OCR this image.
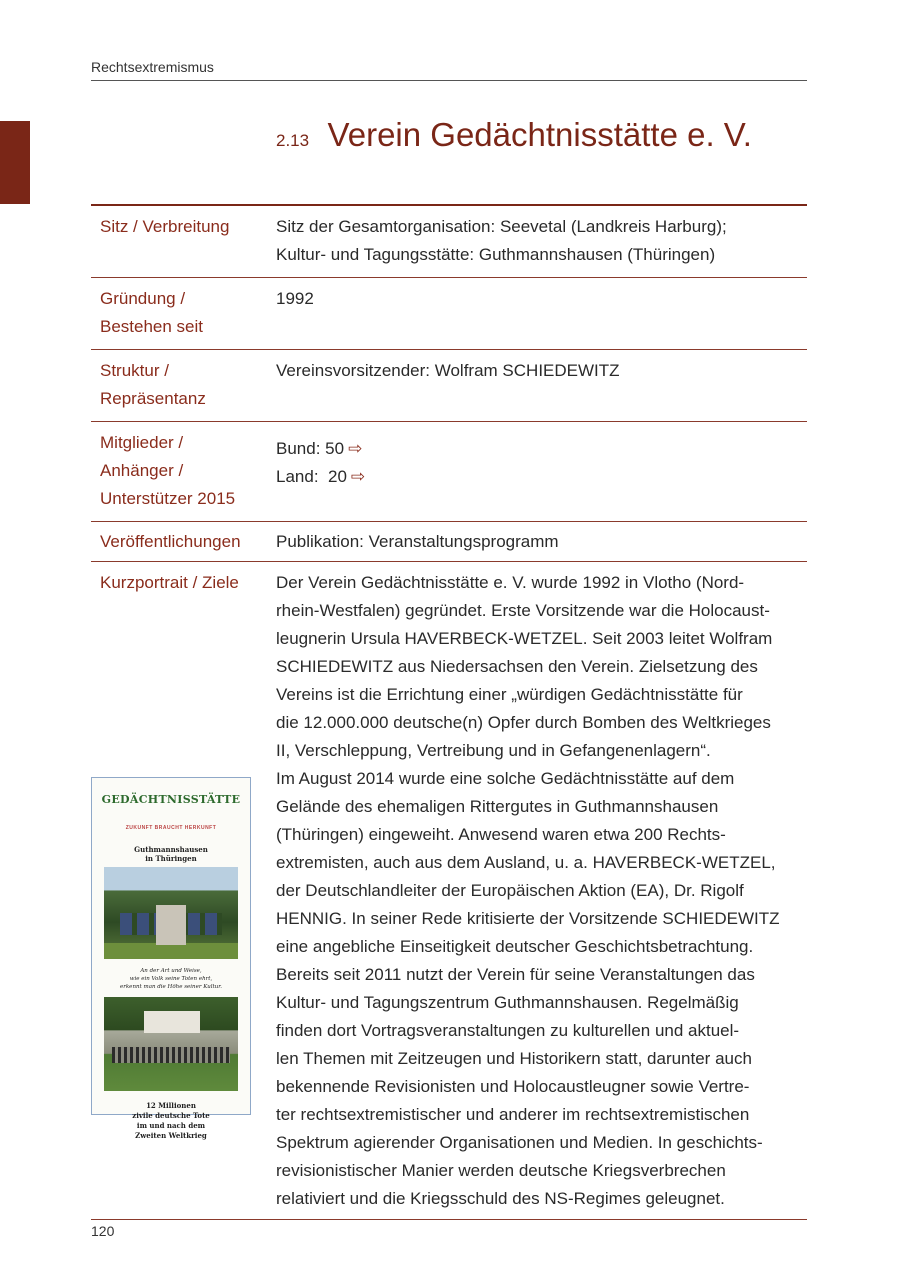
Rechtsextremismus
2.13 Verein Gedächtnisstätte e. V.
Sitz / Verbreitung	Sitz der Gesamtorganisation: Seevetal (Landkreis Harburg);
Kultur- und Tagungsstätte: Guthmannshausen (Thüringen)
Gründung /
Bestehen seit
1992
Struktur /
Repräsentanz
Vereinsvorsitzender: Wolfram SCHIEDEWITZ
Mitglieder /
Anhänger /
Unterstützer 2015
Bund: 50 ⇨
Land:  20 ⇨
Veröffentlichungen	Publikation: Veranstaltungsprogramm
Kurzportrait / Ziele
GEDÄCHTNISSTÄTTE
ZUKUNFT BRAUCHT HERKUNFT
Guthmannshausen
in Thüringen
An der Art und Weise,
wie ein Volk seine Toten ehrt,
erkennt man die Höhe seiner Kultur.
12 Millionen
zivile deutsche Tote
im und nach dem
Zweiten Weltkrieg
Der Verein Gedächtnisstätte e. V. wurde 1992 in Vlotho (Nord-
rhein-Westfalen) gegründet. Erste Vorsitzende war die Holocaust-
leugnerin Ursula HAVERBECK-WETZEL. Seit 2003 leitet Wolfram
SCHIEDEWITZ aus Niedersachsen den Verein. Zielsetzung des
Vereins ist die Errichtung einer „würdigen Gedächtnisstätte für
die 12.000.000 deutsche(n) Opfer durch Bomben des Weltkrieges
II, Verschleppung, Vertreibung und in Gefangenenlagern“.
Im August 2014 wurde eine solche Gedächtnisstätte auf dem
Gelände des ehemaligen Rittergutes in Guthmannshausen
(Thüringen) eingeweiht. Anwesend waren etwa 200 Rechts-
extremisten, auch aus dem Ausland, u. a. HAVERBECK-WETZEL,
der Deutschlandleiter der Europäischen Aktion (EA), Dr. Rigolf
HENNIG. In seiner Rede kritisierte der Vorsitzende SCHIEDEWITZ
eine angebliche Einseitigkeit deutscher Geschichtsbetrachtung.
Bereits seit 2011 nutzt der Verein für seine Veranstaltungen das
Kultur- und Tagungszentrum Guthmannshausen. Regelmäßig
finden dort Vortragsveranstaltungen zu kulturellen und aktuel-
len Themen mit Zeitzeugen und Historikern statt, darunter auch
bekennende Revisionisten und Holocaustleugner sowie Vertre-
ter rechtsextremistischer und anderer im rechtsextremistischen
Spektrum agierender Organisationen und Medien. In geschichts-
revisionistischer Manier werden deutsche Kriegsverbrechen
relativiert und die Kriegsschuld des NS-Regimes geleugnet.
120
